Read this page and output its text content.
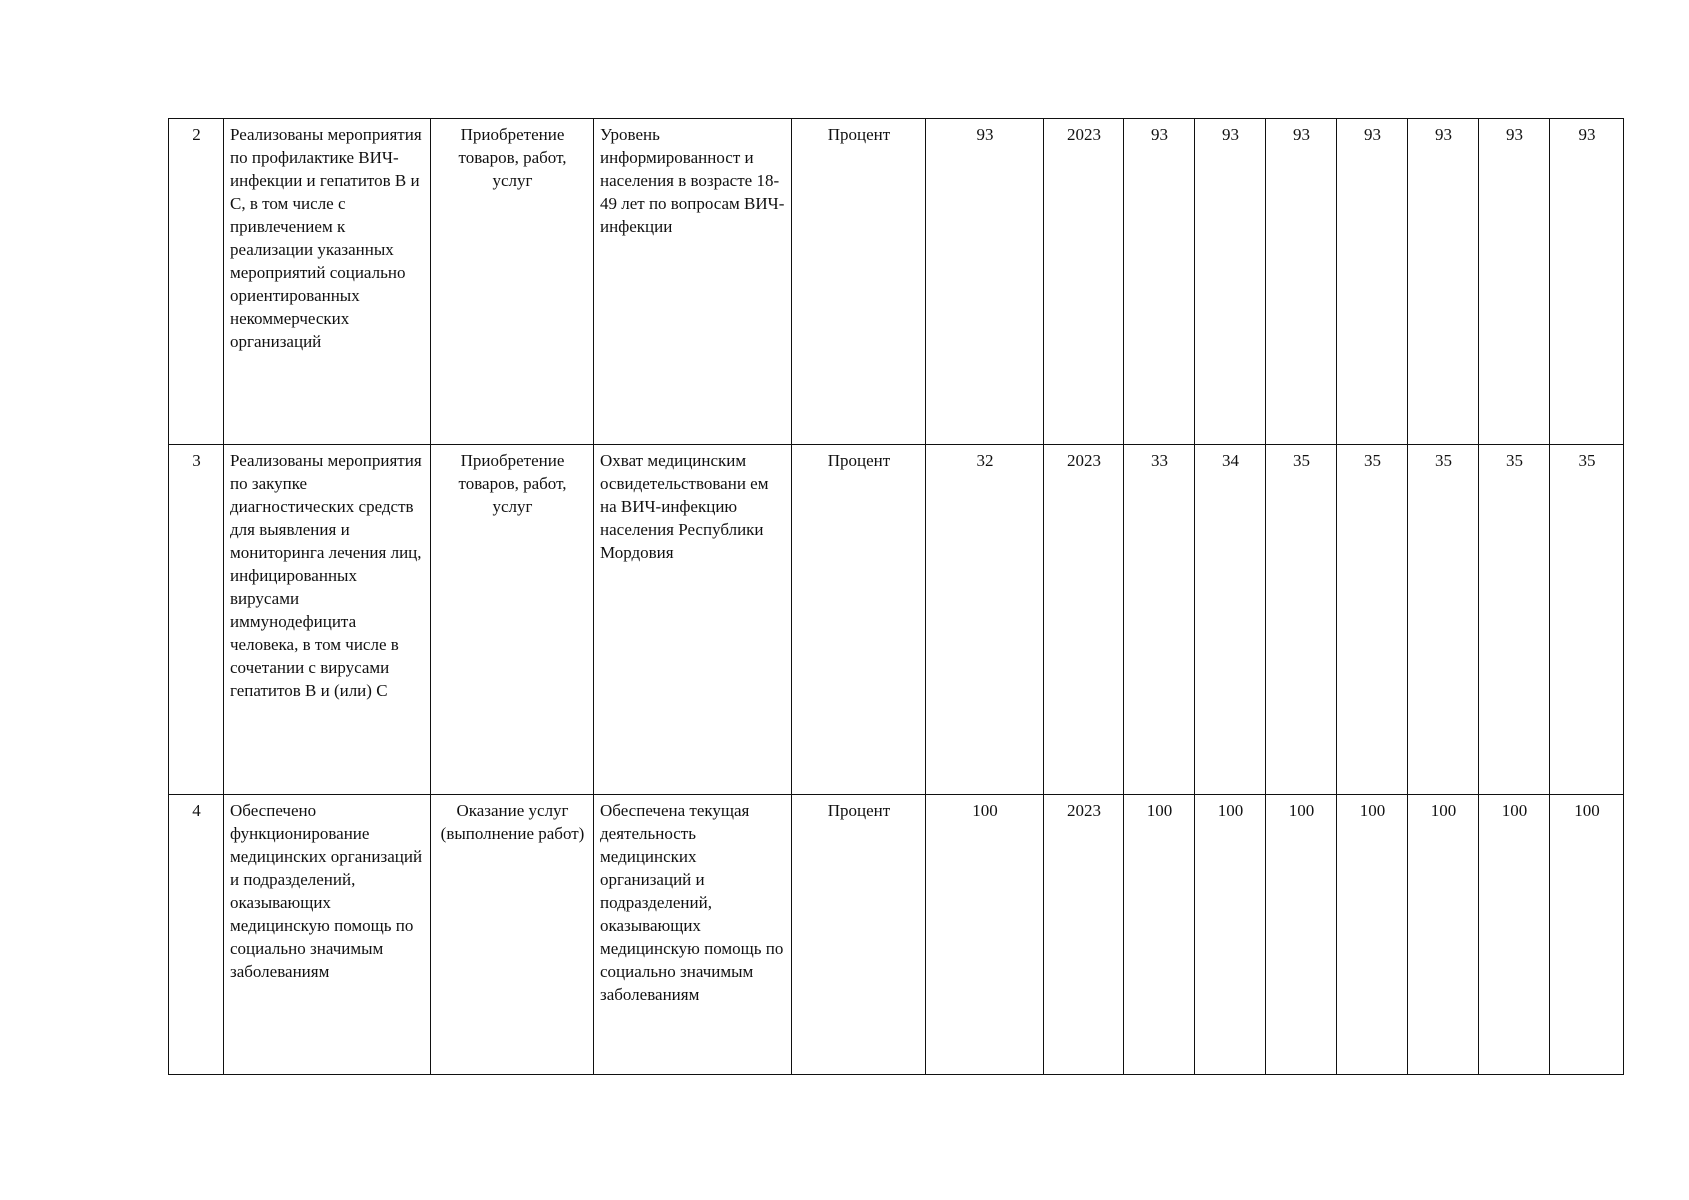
2	Реализованы мероприятия по профилактике ВИЧ-инфекции и гепатитов В и С, в том числе с привлечением к реализации указанных мероприятий социально ориентированных некоммерческих организаций	Приобретение товаров, работ, услуг	Уровень информированност и населения в возрасте 18-49 лет по вопросам ВИЧ-инфекции	Процент	93	2023	93	93	93	93	93	93	93
3	Реализованы мероприятия по закупке диагностических средств для выявления и мониторинга лечения лиц, инфицированных вирусами иммунодефицита человека, в том числе в сочетании с вирусами гепатитов В и (или) С	Приобретение товаров, работ, услуг	Охват медицинским освидетельствовани ем на ВИЧ-инфекцию населения Республики Мордовия	Процент	32	2023	33	34	35	35	35	35	35
4	Обеспечено функционирование медицинских организаций и подразделений, оказывающих медицинскую помощь по социально значимым заболеваниям	Оказание услуг (выполнение работ)	Обеспечена текущая деятельность медицинских организаций и подразделений, оказывающих медицинскую помощь по социально значимым заболеваниям	Процент	100	2023	100	100	100	100	100	100	100
